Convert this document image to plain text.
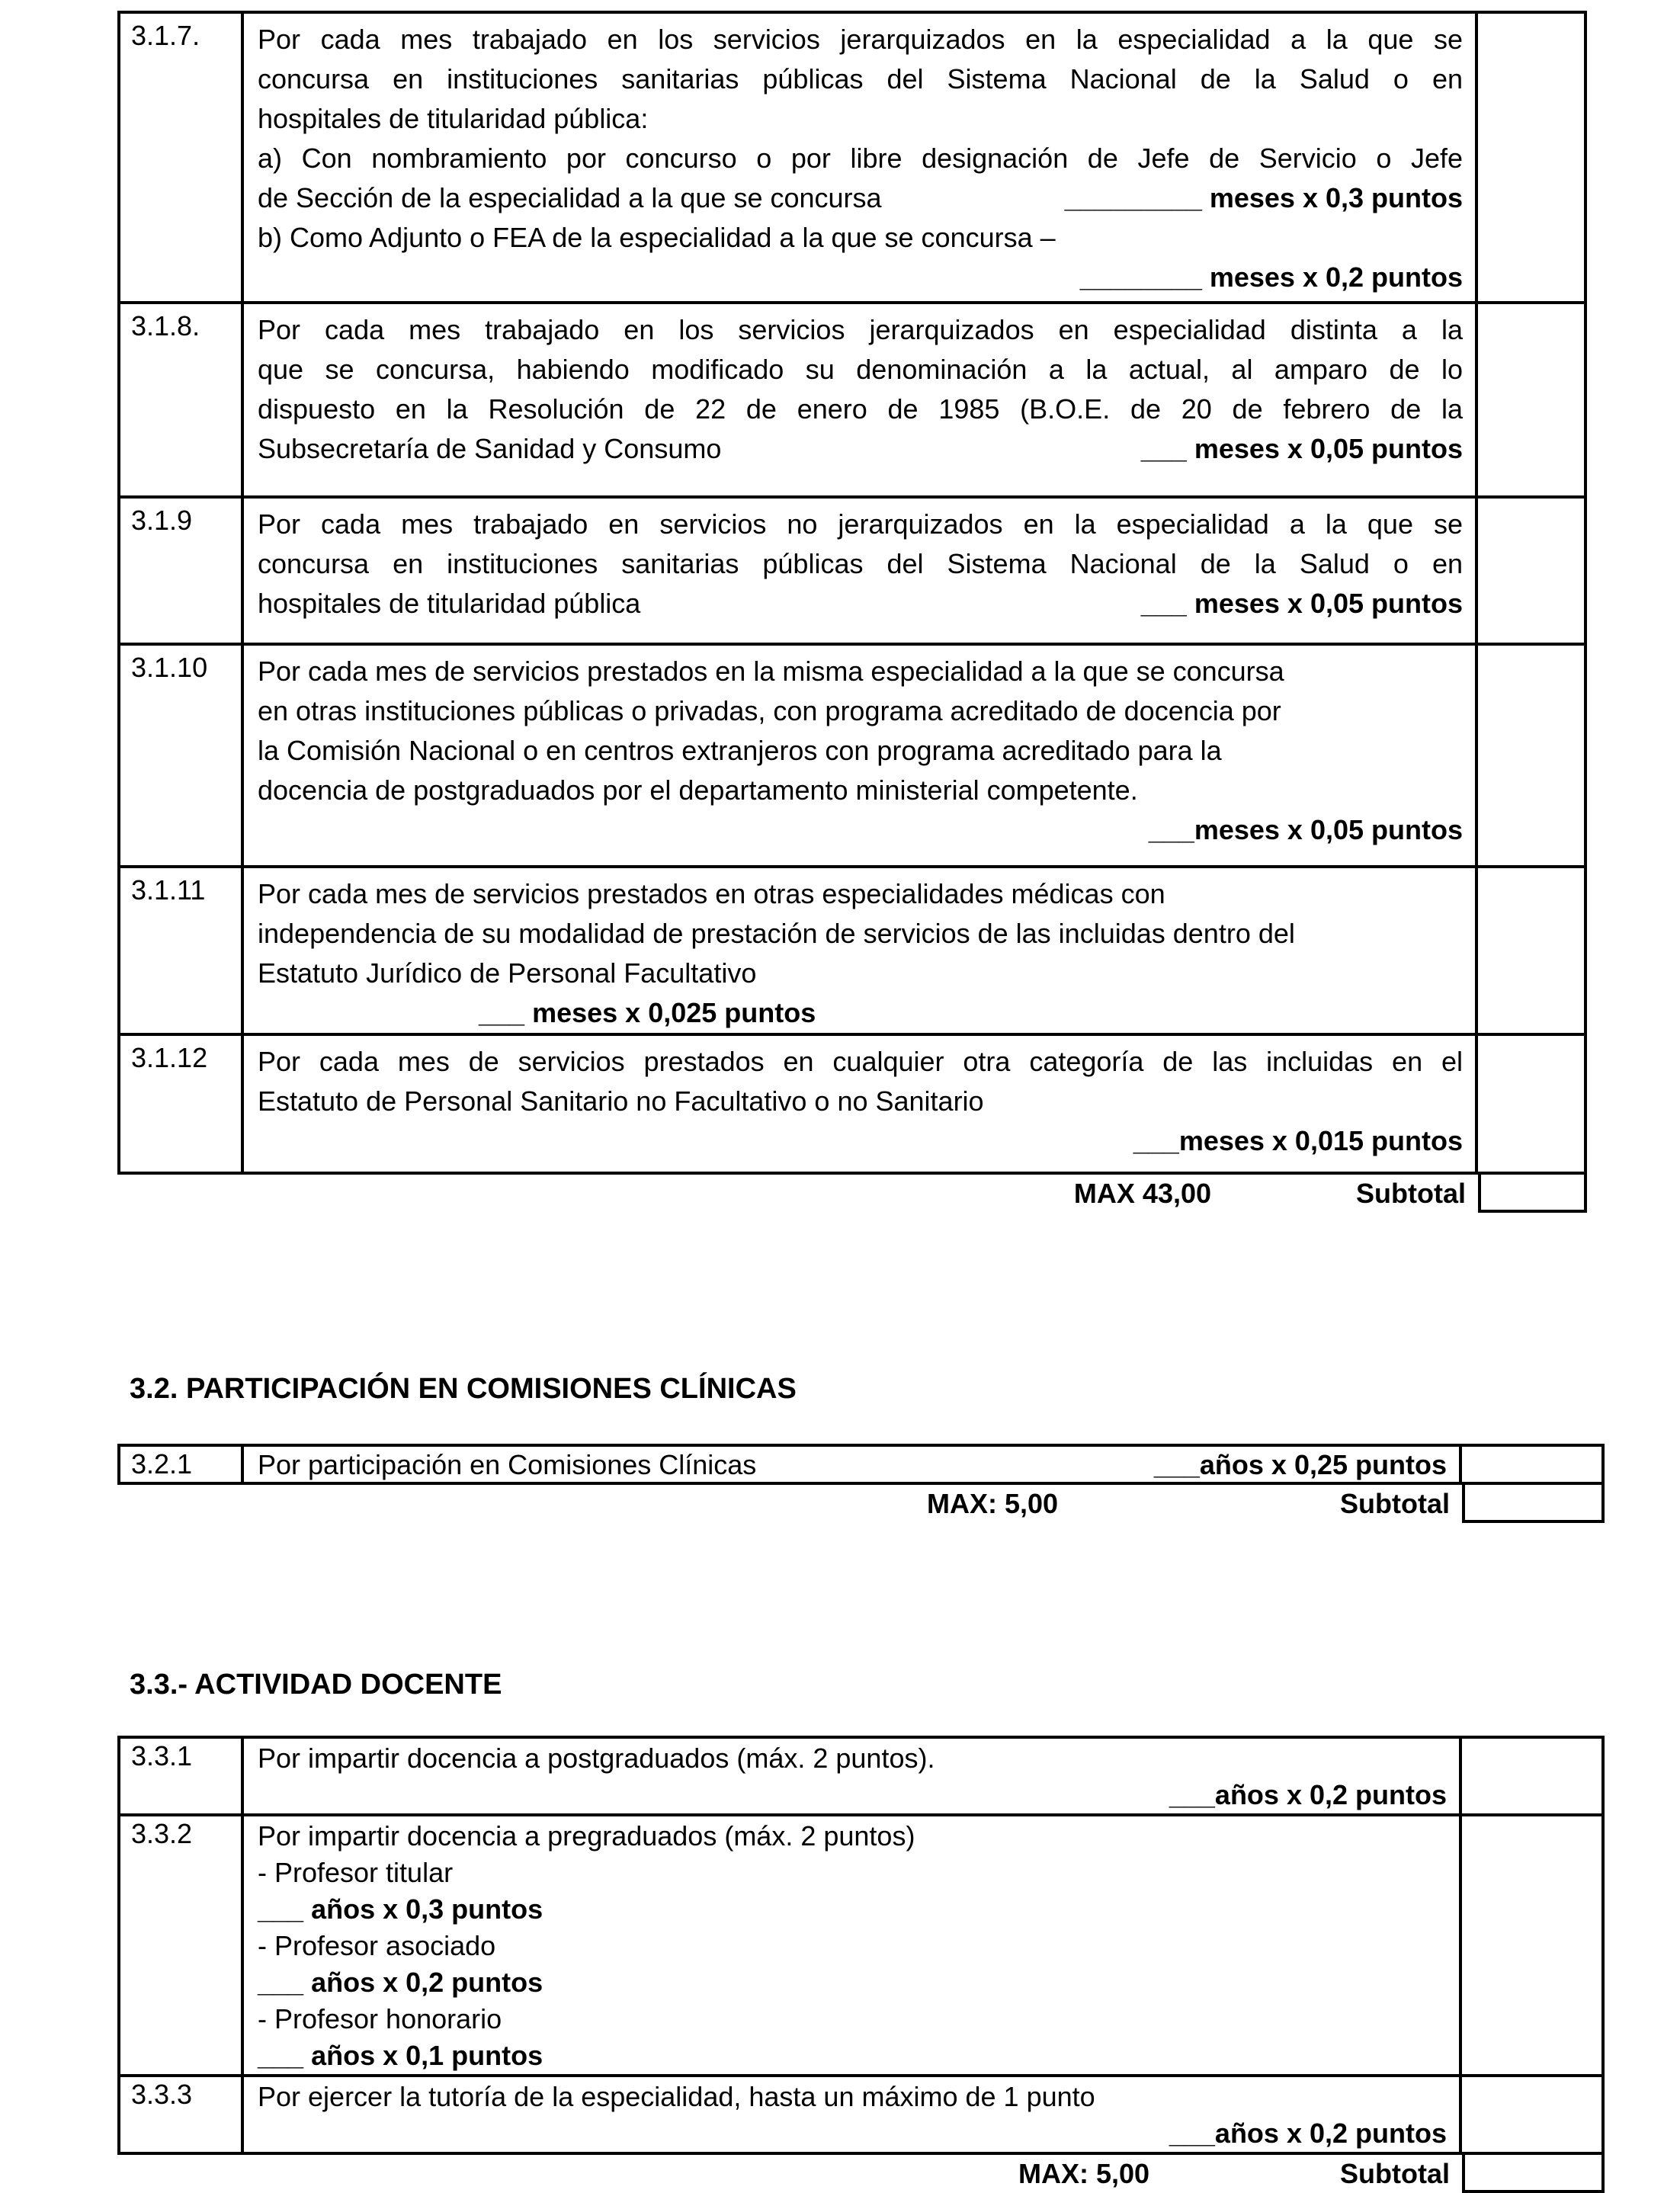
3.1.7.	Por cada mes trabajado en los servicios jerarquizados en la especialidad a la que se
concursa en instituciones sanitarias públicas del Sistema Nacional de la Salud o en
hospitales de titularidad pública:
a) Con nombramiento por concurso o por libre designación de Jefe de Servicio o Jefe
de Sección de la especialidad a la que se concursa	_________ meses x 0,3 puntos
b) Como Adjunto o FEA de la especialidad a la que se concursa –
________ meses x 0,2 puntos
3.1.8.	Por cada mes trabajado en los servicios jerarquizados en especialidad distinta a la
que se concursa, habiendo modificado su denominación a la actual, al amparo de lo
dispuesto en la Resolución de 22 de enero de 1985 (B.O.E. de 20 de febrero de la
Subsecretaría de Sanidad y Consumo	___ meses x 0,05 puntos
3.1.9	Por cada mes trabajado en servicios no jerarquizados en la especialidad a la que se
concursa en instituciones sanitarias públicas del Sistema Nacional de la Salud o en
hospitales de titularidad pública	___ meses x 0,05 puntos
3.1.10	Por cada mes de servicios prestados en la misma especialidad a la que se concursa
en otras instituciones públicas o privadas, con programa acreditado de docencia por
la Comisión Nacional o en centros extranjeros con programa acreditado para la
docencia de postgraduados por el departamento ministerial competente.
___meses x 0,05 puntos
3.1.11	Por cada mes de servicios prestados en otras especialidades médicas con
independencia de su modalidad de prestación de servicios de las incluidas dentro del
Estatuto Jurídico de Personal Facultativo
___ meses x 0,025 puntos
3.1.12	Por cada mes de servicios prestados en cualquier otra categoría de las incluidas en el
Estatuto de Personal Sanitario no Facultativo o no Sanitario
___meses x 0,015 puntos
MAX 43,00	Subtotal
3.2. PARTICIPACIÓN EN COMISIONES CLÍNICAS
3.2.1	Por participación en Comisiones Clínicas	___años x 0,25 puntos
MAX: 5,00	Subtotal
3.3.- ACTIVIDAD DOCENTE
3.3.1	Por impartir docencia a postgraduados (máx. 2 puntos).
___años x 0,2 puntos
3.3.2	Por impartir docencia a pregraduados (máx. 2 puntos)
- Profesor titular
___ años x 0,3 puntos
- Profesor asociado
___ años x 0,2 puntos
- Profesor honorario
___ años x 0,1 puntos
3.3.3	Por ejercer la tutoría de la especialidad, hasta un máximo de 1 punto
___años x 0,2 puntos
MAX: 5,00	Subtotal
